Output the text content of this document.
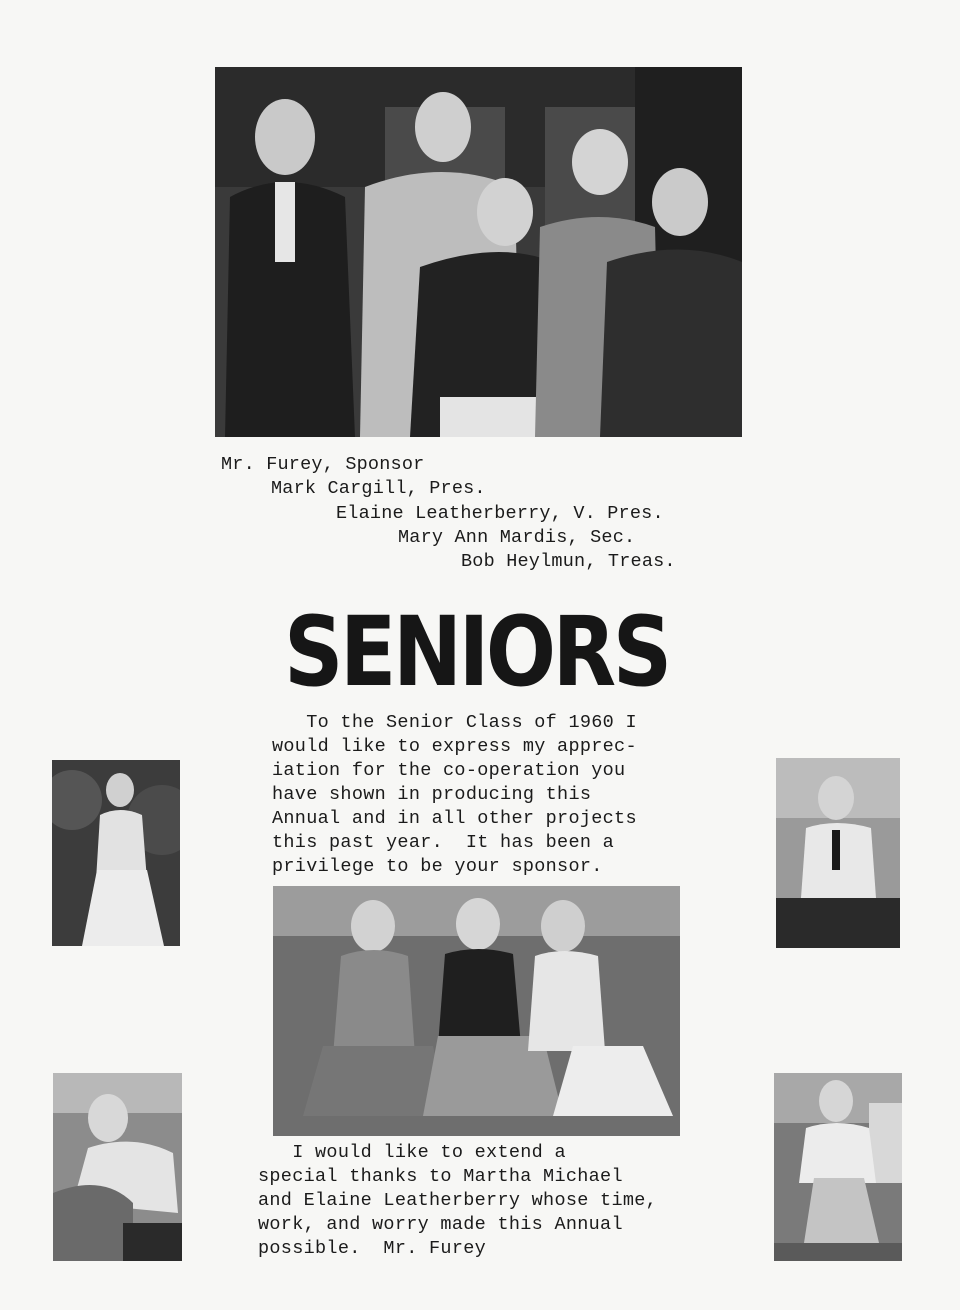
Mr. Furey, Sponsor
Mark Cargill, Pres.
Elaine Leatherberry, V. Pres.
Mary Ann Mardis, Sec.
Bob Heylmun, Treas.
SENIORS
To the Senior Class of 1960 I
would like to express my apprec-
iation for the co-operation you
have shown in producing this
Annual and in all other projects
this past year.  It has been a
privilege to be your sponsor.
I would like to extend a
special thanks to Martha Michael
and Elaine Leatherberry whose time,
work, and worry made this Annual
possible.  Mr. Furey
